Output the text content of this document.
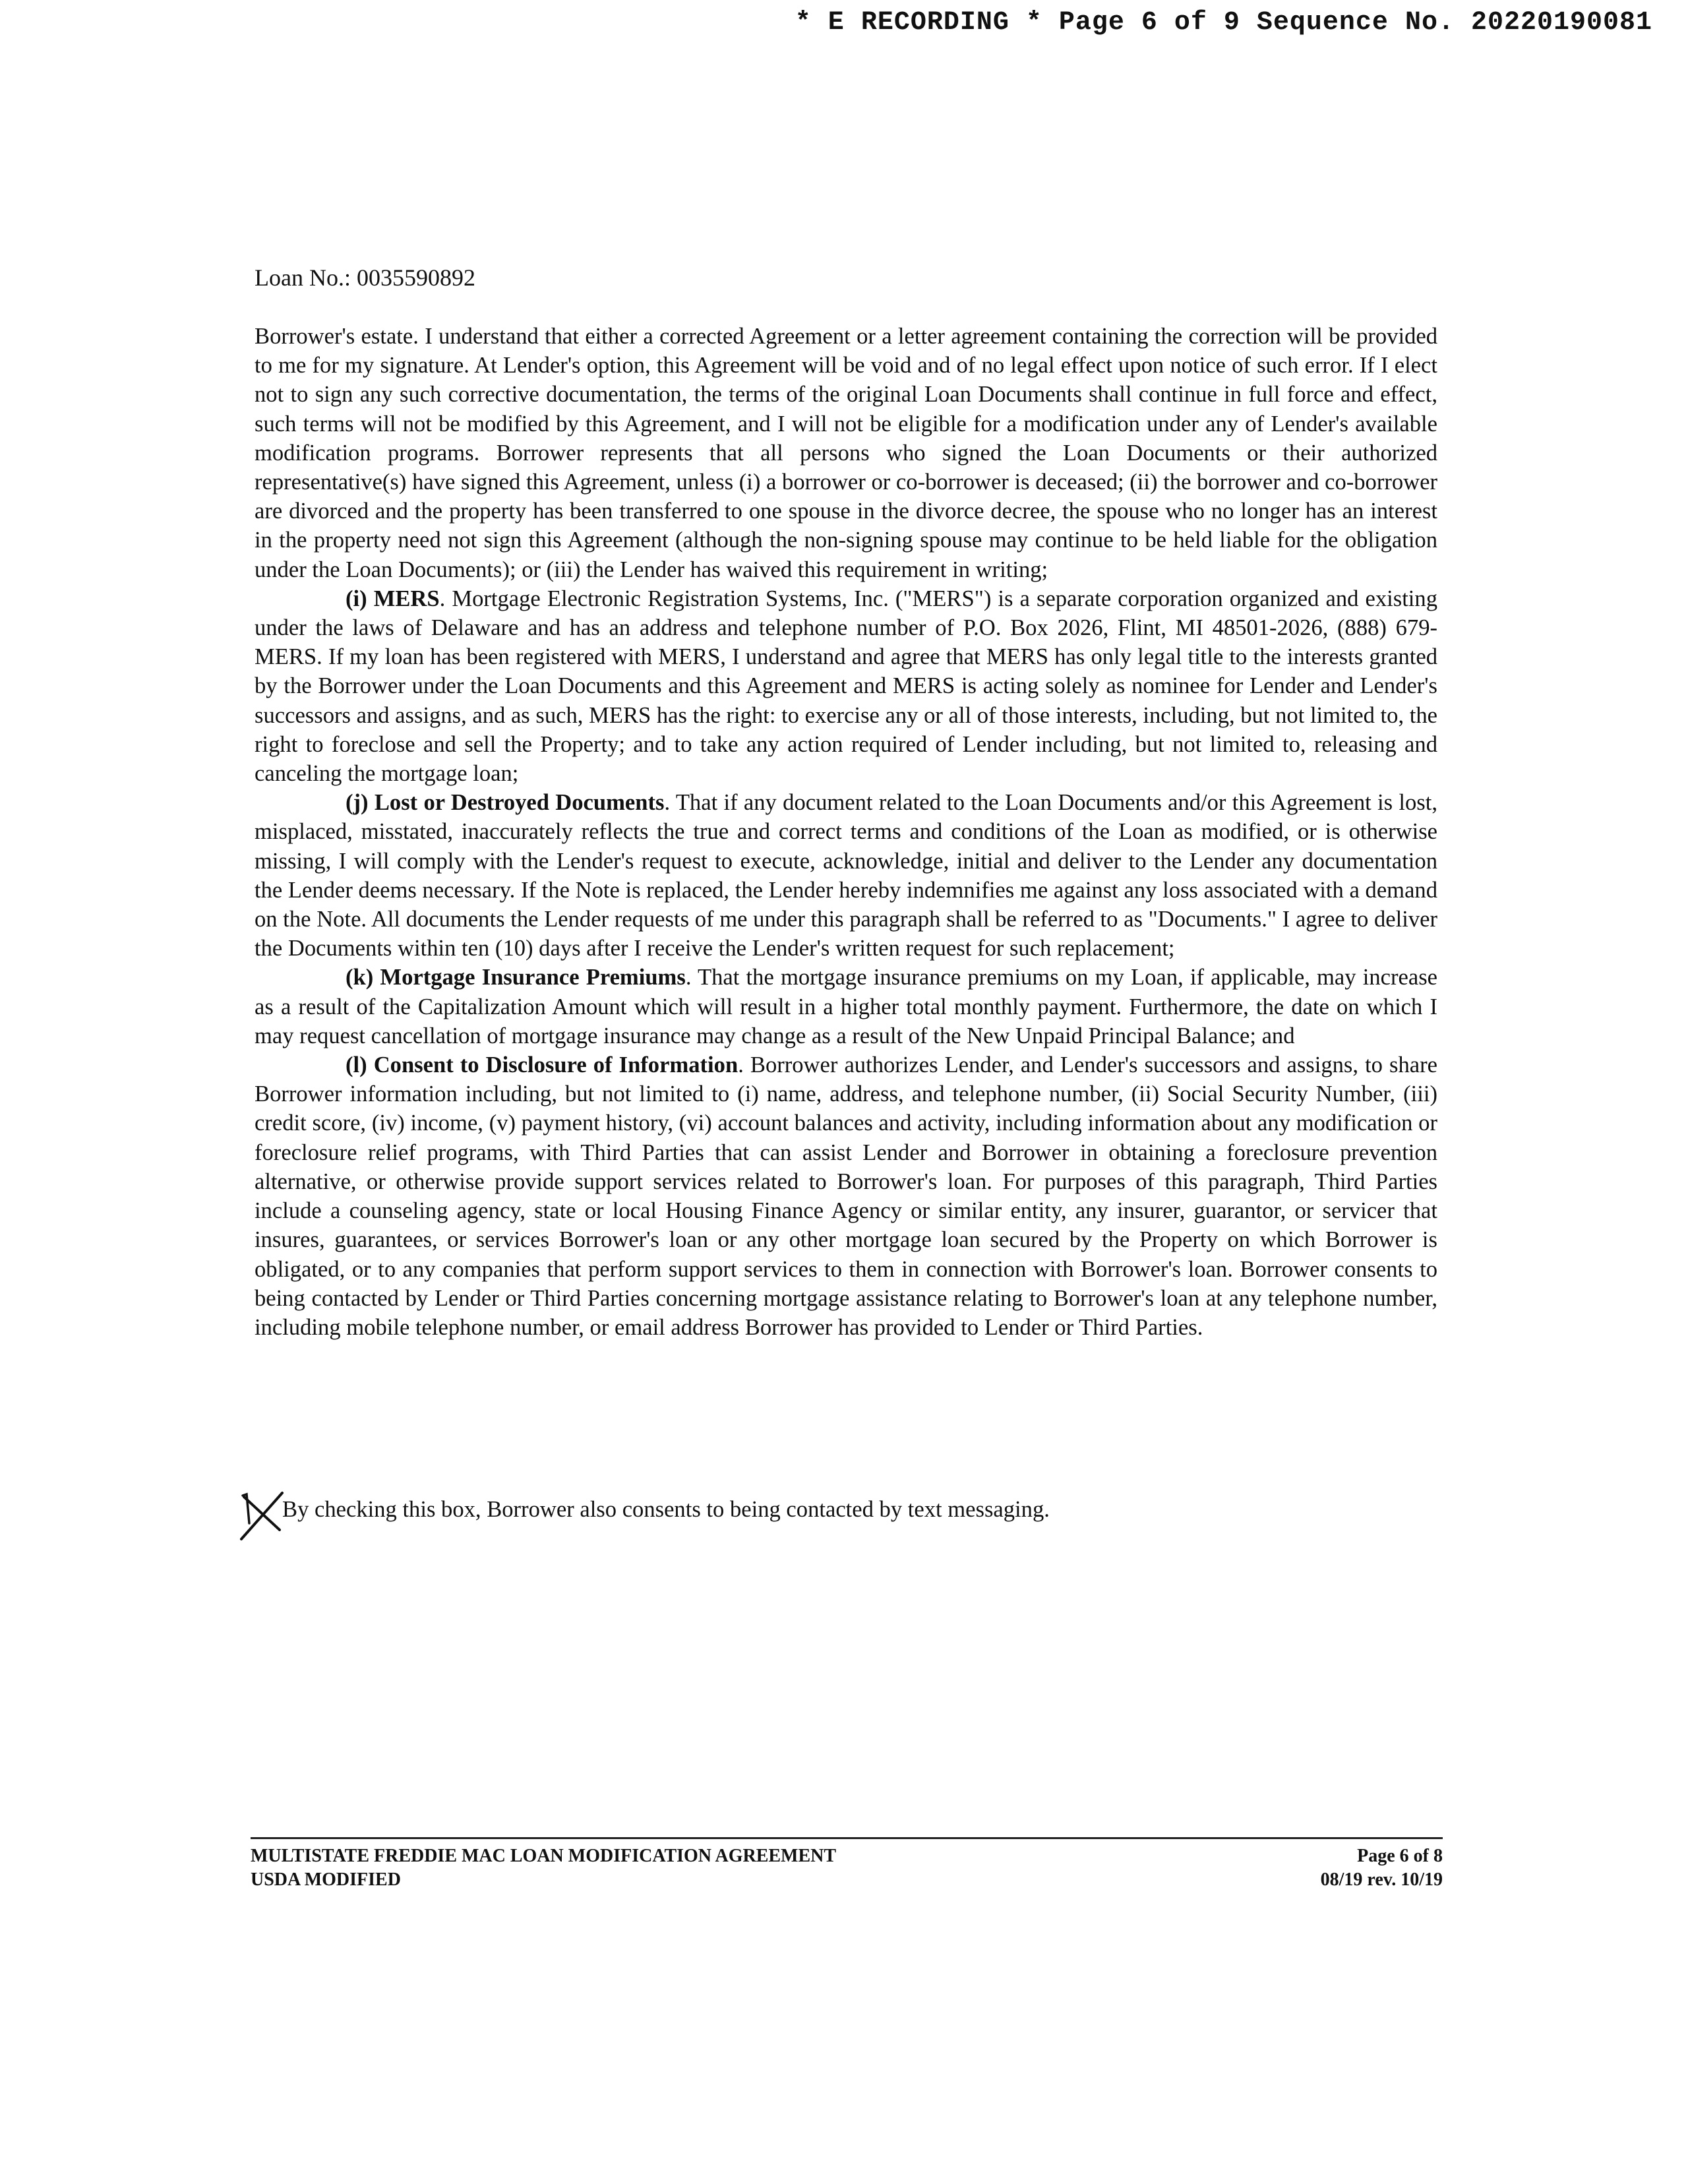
* E RECORDING * Page 6 of 9 Sequence No. 20220190081
Loan No.: 0035590892

Borrower's estate. I understand that either a corrected Agreement or a letter agreement containing the correction will be provided to me for my signature. At Lender's option, this Agreement will be void and of no legal effect upon notice of such error. If I elect not to sign any such corrective documentation, the terms of the original Loan Documents shall continue in full force and effect, such terms will not be modified by this Agreement, and I will not be eligible for a modification under any of Lender's available modification programs. Borrower represents that all persons who signed the Loan Documents or their authorized representative(s) have signed this Agreement, unless (i) a borrower or co-borrower is deceased; (ii) the borrower and co-borrower are divorced and the property has been transferred to one spouse in the divorce decree, the spouse who no longer has an interest in the property need not sign this Agreement (although the non-signing spouse may continue to be held liable for the obligation under the Loan Documents); or (iii) the Lender has waived this requirement in writing;

(i) MERS. Mortgage Electronic Registration Systems, Inc. ("MERS") is a separate corporation organized and existing under the laws of Delaware and has an address and telephone number of P.O. Box 2026, Flint, MI 48501-2026, (888) 679-MERS. If my loan has been registered with MERS, I understand and agree that MERS has only legal title to the interests granted by the Borrower under the Loan Documents and this Agreement and MERS is acting solely as nominee for Lender and Lender's successors and assigns, and as such, MERS has the right: to exercise any or all of those interests, including, but not limited to, the right to foreclose and sell the Property; and to take any action required of Lender including, but not limited to, releasing and canceling the mortgage loan;

(j) Lost or Destroyed Documents. That if any document related to the Loan Documents and/or this Agreement is lost, misplaced, misstated, inaccurately reflects the true and correct terms and conditions of the Loan as modified, or is otherwise missing, I will comply with the Lender's request to execute, acknowledge, initial and deliver to the Lender any documentation the Lender deems necessary. If the Note is replaced, the Lender hereby indemnifies me against any loss associated with a demand on the Note. All documents the Lender requests of me under this paragraph shall be referred to as "Documents." I agree to deliver the Documents within ten (10) days after I receive the Lender's written request for such replacement;

(k) Mortgage Insurance Premiums. That the mortgage insurance premiums on my Loan, if applicable, may increase as a result of the Capitalization Amount which will result in a higher total monthly payment. Furthermore, the date on which I may request cancellation of mortgage insurance may change as a result of the New Unpaid Principal Balance; and

(l) Consent to Disclosure of Information. Borrower authorizes Lender, and Lender's successors and assigns, to share Borrower information including, but not limited to (i) name, address, and telephone number, (ii) Social Security Number, (iii) credit score, (iv) income, (v) payment history, (vi) account balances and activity, including information about any modification or foreclosure relief programs, with Third Parties that can assist Lender and Borrower in obtaining a foreclosure prevention alternative, or otherwise provide support services related to Borrower's loan. For purposes of this paragraph, Third Parties include a counseling agency, state or local Housing Finance Agency or similar entity, any insurer, guarantor, or servicer that insures, guarantees, or services Borrower's loan or any other mortgage loan secured by the Property on which Borrower is obligated, or to any companies that perform support services to them in connection with Borrower's loan. Borrower consents to being contacted by Lender or Third Parties concerning mortgage assistance relating to Borrower's loan at any telephone number, including mobile telephone number, or email address Borrower has provided to Lender or Third Parties.

By checking this box, Borrower also consents to being contacted by text messaging.
MULTISTATE FREDDIE MAC LOAN MODIFICATION AGREEMENT	Page 6 of 8
USDA MODIFIED	08/19 rev. 10/19
